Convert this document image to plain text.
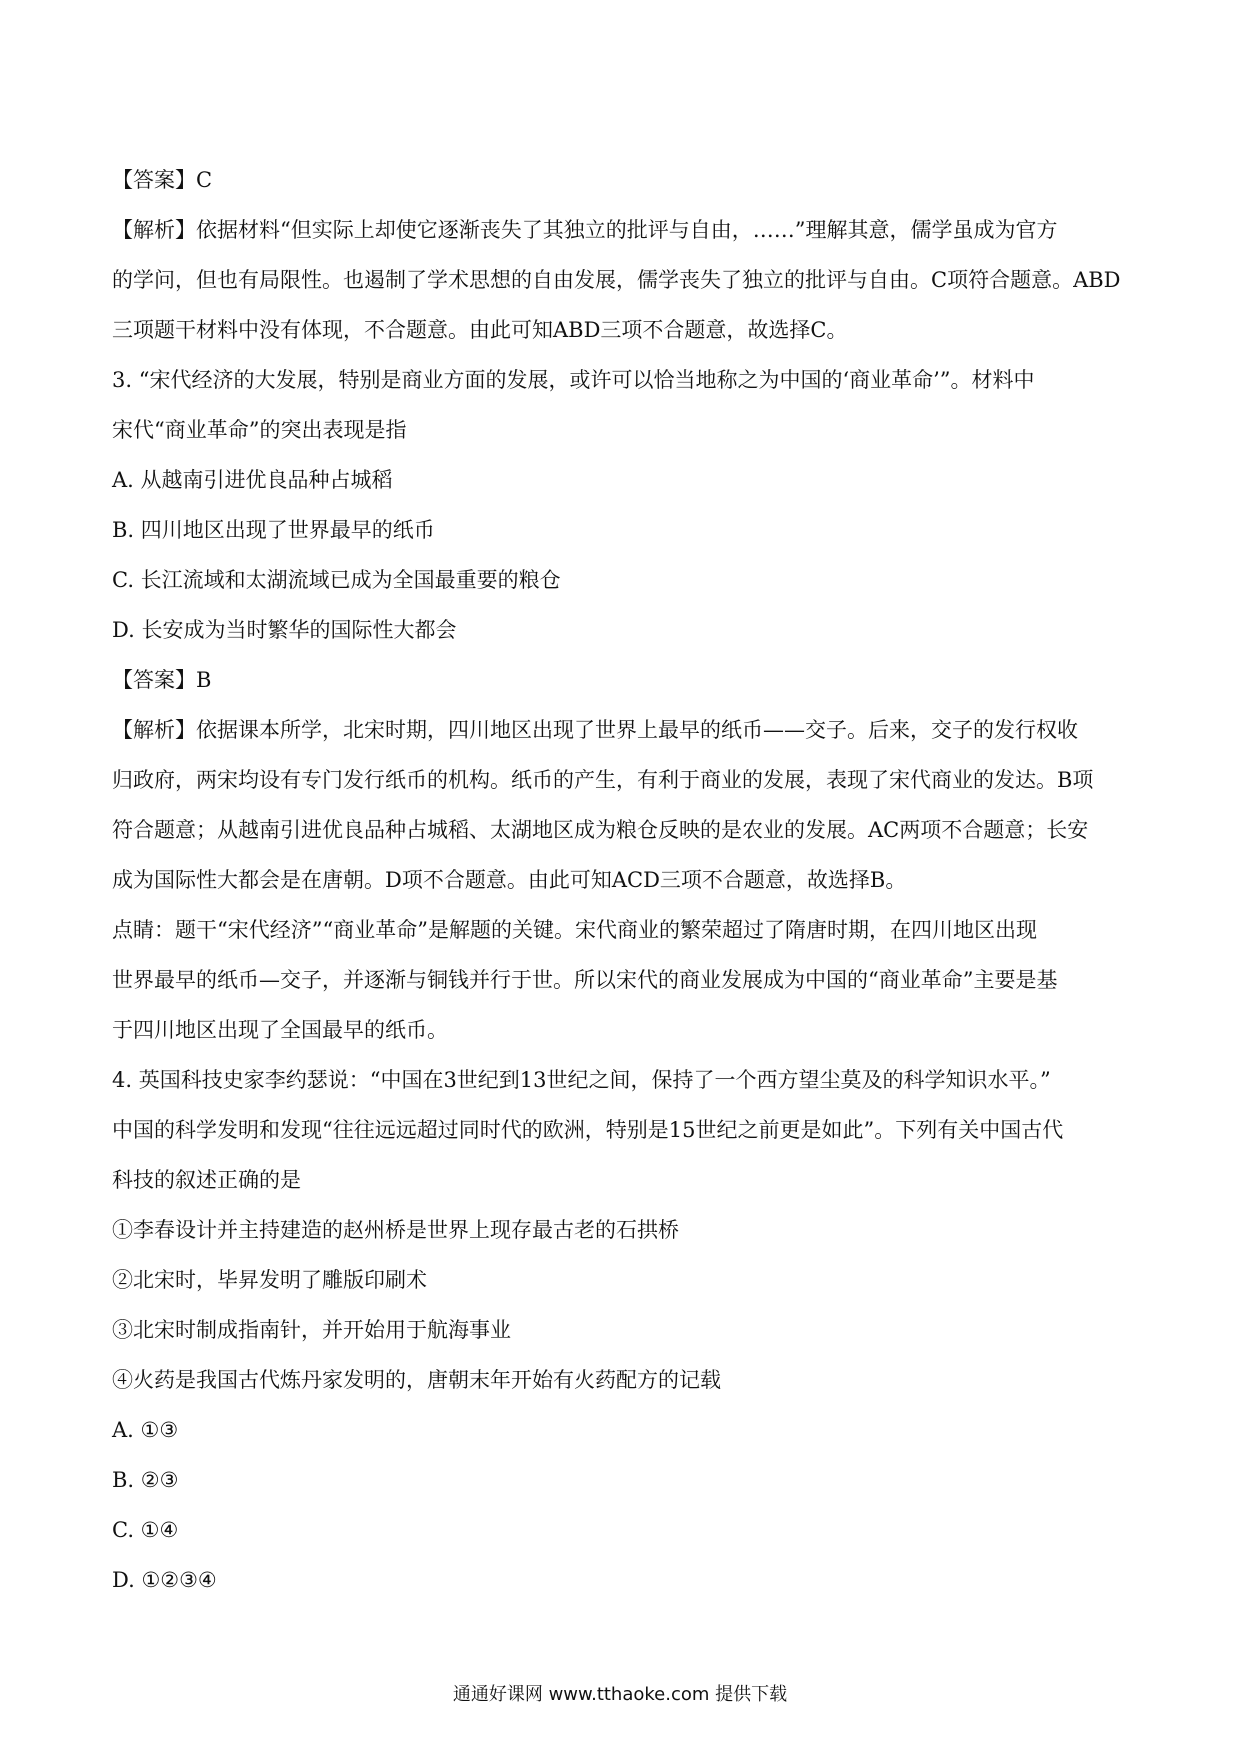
【答案】C
【解析】依据材料“但实际上却使它逐渐丧失了其独立的批评与自由，……”理解其意，儒学虽成为官方
的学问，但也有局限性。也遏制了学术思想的自由发展，儒学丧失了独立的批评与自由。C项符合题意。ABD
三项题干材料中没有体现，不合题意。由此可知ABD三项不合题意，故选择C。
3. “宋代经济的大发展，特别是商业方面的发展，或许可以恰当地称之为中国的‘商业革命’”。材料中
宋代“商业革命”的突出表现是指
A. 从越南引进优良品种占城稻
B. 四川地区出现了世界最早的纸币
C. 长江流域和太湖流域已成为全国最重要的粮仓
D. 长安成为当时繁华的国际性大都会
【答案】B
【解析】依据课本所学，北宋时期，四川地区出现了世界上最早的纸币——交子。后来，交子的发行权收
归政府，两宋均设有专门发行纸币的机构。纸币的产生，有利于商业的发展，表现了宋代商业的发达。B项
符合题意；从越南引进优良品种占城稻、太湖地区成为粮仓反映的是农业的发展。AC两项不合题意；长安
成为国际性大都会是在唐朝。D项不合题意。由此可知ACD三项不合题意，故选择B。
点睛：题干“宋代经济”“商业革命”是解题的关键。宋代商业的繁荣超过了隋唐时期，在四川地区出现
世界最早的纸币—交子，并逐渐与铜钱并行于世。所以宋代的商业发展成为中国的“商业革命”主要是基
于四川地区出现了全国最早的纸币。
4. 英国科技史家李约瑟说：“中国在3世纪到13世纪之间，保持了一个西方望尘莫及的科学知识水平。”
中国的科学发明和发现“往往远远超过同时代的欧洲，特别是15世纪之前更是如此”。下列有关中国古代
科技的叙述正确的是
①李春设计并主持建造的赵州桥是世界上现存最古老的石拱桥
②北宋时，毕昇发明了雕版印刷术
③北宋时制成指南针，并开始用于航海事业
④火药是我国古代炼丹家发明的，唐朝末年开始有火药配方的记载
A. ①③
B. ②③
C. ①④
D. ①②③④
通通好课网 www.tthaoke.com 提供下载
